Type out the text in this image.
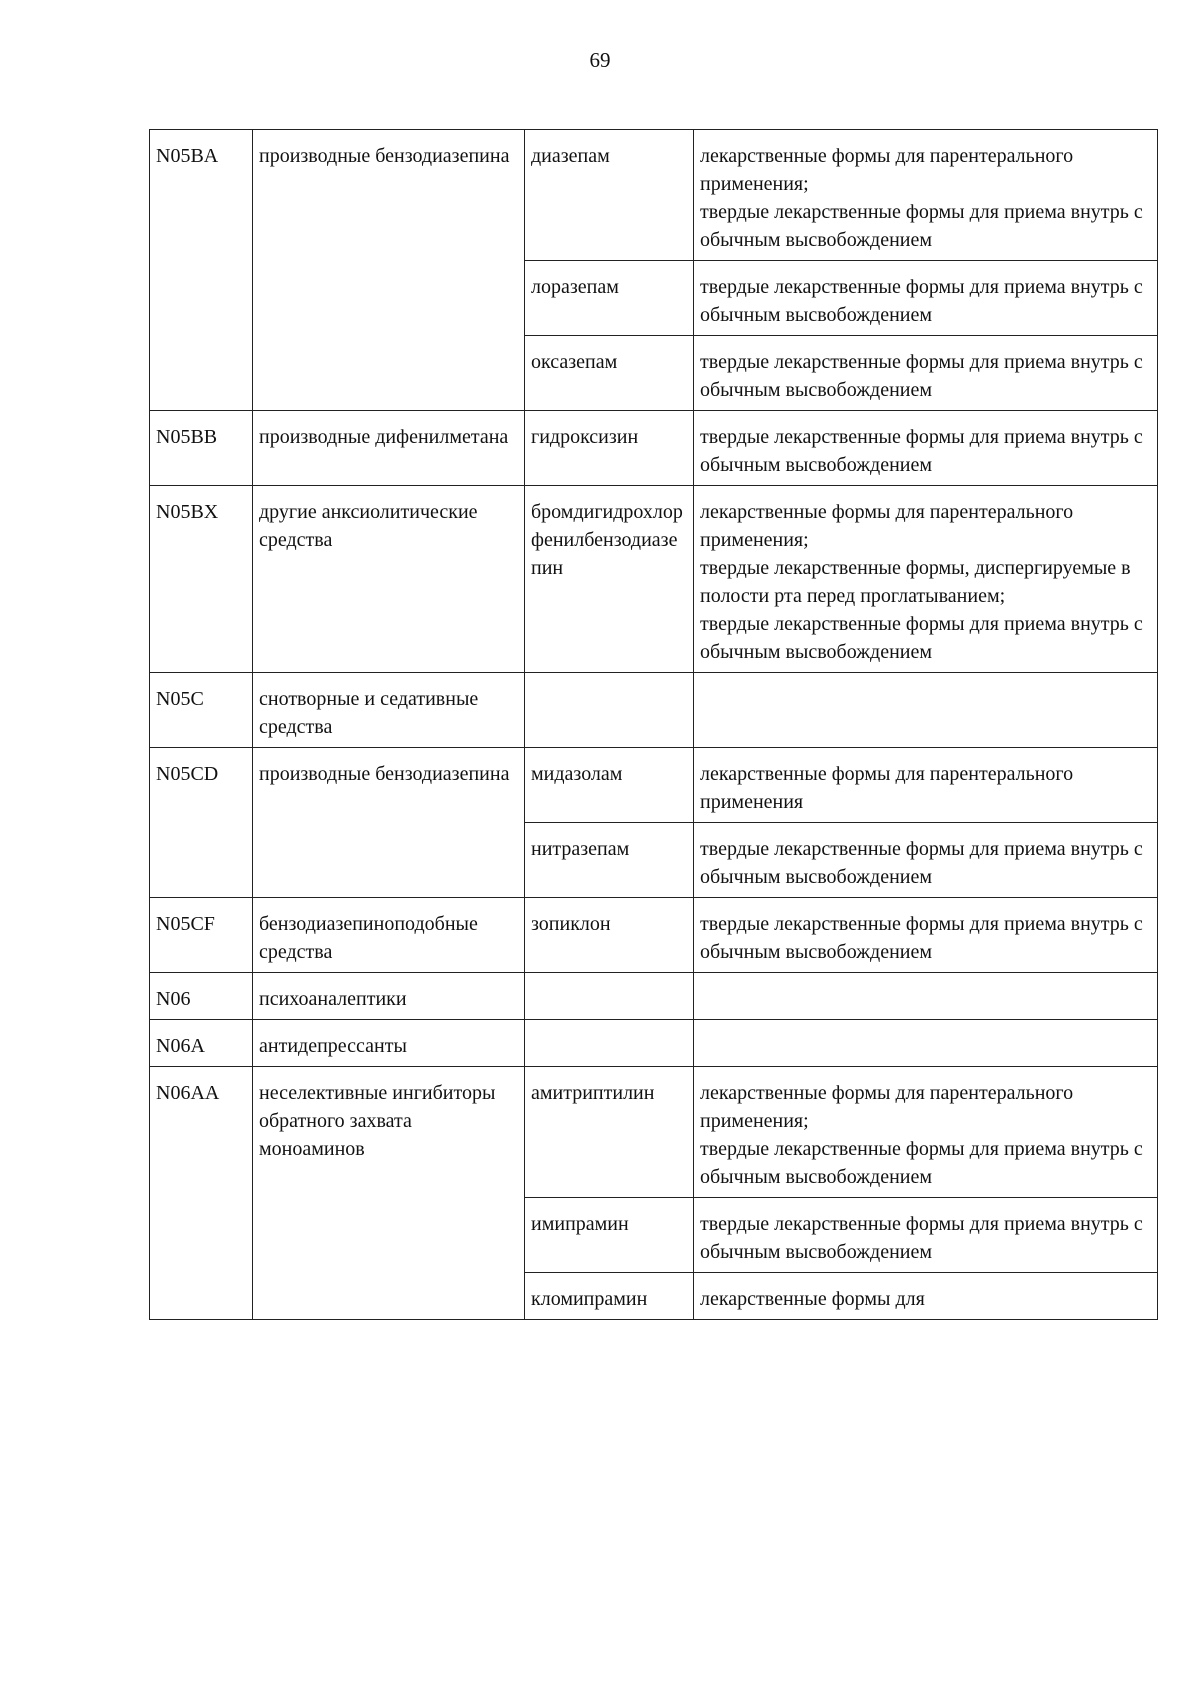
69
N05BA	производные бензодиазепина	диазепам	лекарственные формы для парентерального применения;
твердые лекарственные формы для приема внутрь с обычным высвобождением

		лоразепам	твердые лекарственные формы для приема внутрь с обычным высвобождением

		оксазепам	твердые лекарственные формы для приема внутрь с обычным высвобождением

N05BB	производные дифенилметана	гидроксизин	твердые лекарственные формы для приема внутрь с обычным высвобождением

N05BX	другие анксиолитические средства	бромдигидрохлорфенилбензодиазепин	лекарственные формы для парентерального применения;
твердые лекарственные формы, диспергируемые в полости рта перед проглатыванием;
твердые лекарственные формы для приема внутрь с обычным высвобождением

N05C	снотворные и седативные средства		
N05CD	производные бензодиазепина	мидазолам	лекарственные формы для парентерального применения

		нитразепам	твердые лекарственные формы для приема внутрь с обычным высвобождением

N05CF	бензодиазепиноподобные средства	зопиклон	твердые лекарственные формы для приема внутрь с обычным высвобождением

N06	психоаналептики		
N06A	антидепрессанты		
N06AA	неселективные ингибиторы обратного захвата моноаминов	амитриптилин	лекарственные формы для парентерального применения;
твердые лекарственные формы для приема внутрь с обычным высвобождением

		имипрамин	твердые лекарственные формы для приема внутрь с обычным высвобождением

		кломипрамин	лекарственные формы для
